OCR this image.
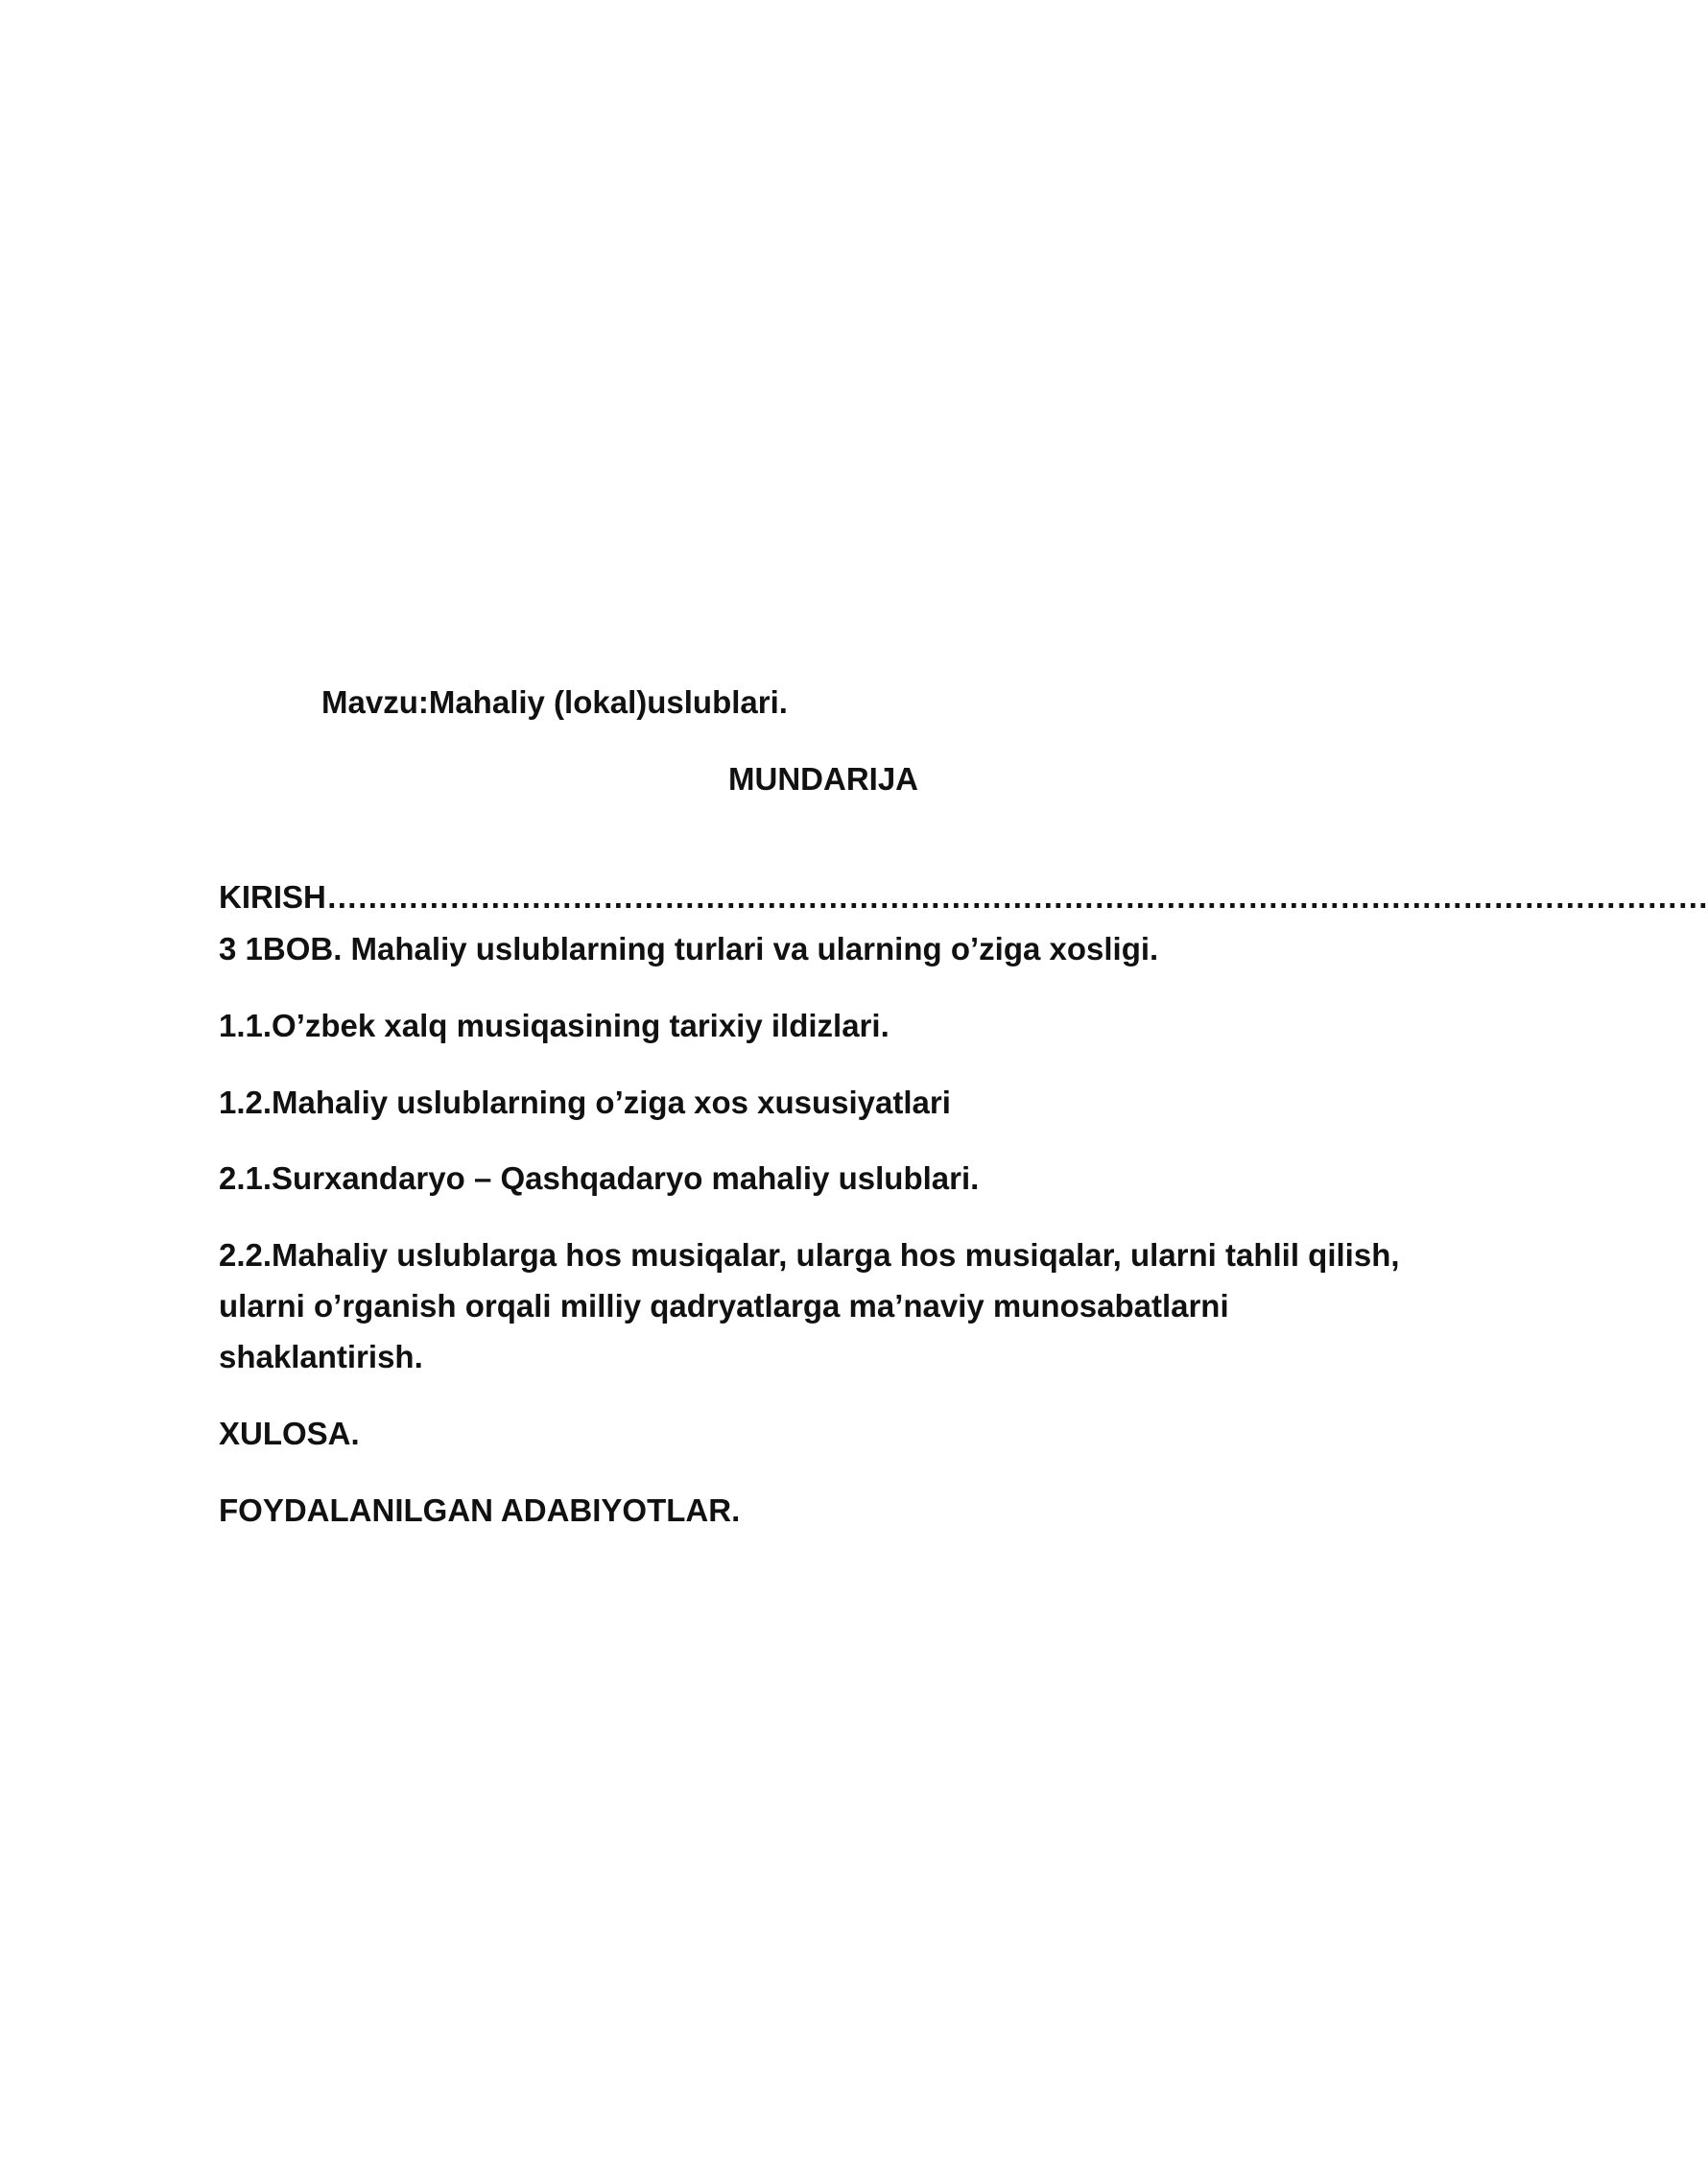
Mavzu:Mahaliy (lokal)uslublari.
MUNDARIJA
KIRISH………………………………………………………………………………………………………………………
3 1BOB. Mahaliy uslublarning turlari va ularning o’ziga xosligi.
1.1.O’zbek xalq musiqasining tarixiy ildizlari.
1.2.Mahaliy uslublarning o’ziga xos xususiyatlari
2.1.Surxandaryo – Qashqadaryo mahaliy uslublari.
2.2.Mahaliy uslublarga hos musiqalar, ularga hos musiqalar, ularni tahlil qilish, ularni o’rganish orqali milliy qadryatlarga ma’naviy munosabatlarni shaklantirish.
XULOSA.
FOYDALANILGAN ADABIYOTLAR.
